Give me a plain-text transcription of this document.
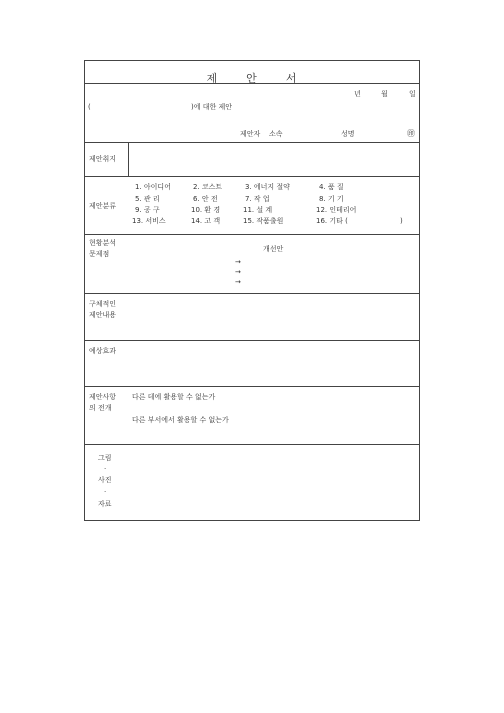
제	안	서
년	월	일
(	)에 대한 제안
제안자 소속	성명	㊞
제안취지
제안분류
1. 아이디어	2. 코스트	3. 에너지 절약	4. 품 질
5. 관 리	6. 안 전	7. 작 업	8. 기 기
9. 공 구	10. 환 경	11. 설 계	12. 인테리어
13. 서비스	14. 고 객	15. 작품출원	16. 기타 (	)
현황분석
문제점
개선안
→
→
→
구체적인
제안내용
예상효과
제안사항
의 전개
다른 데에 활용할 수 없는가
다른 부서에서 활용할 수 없는가
그림
·
사진
·
자료
